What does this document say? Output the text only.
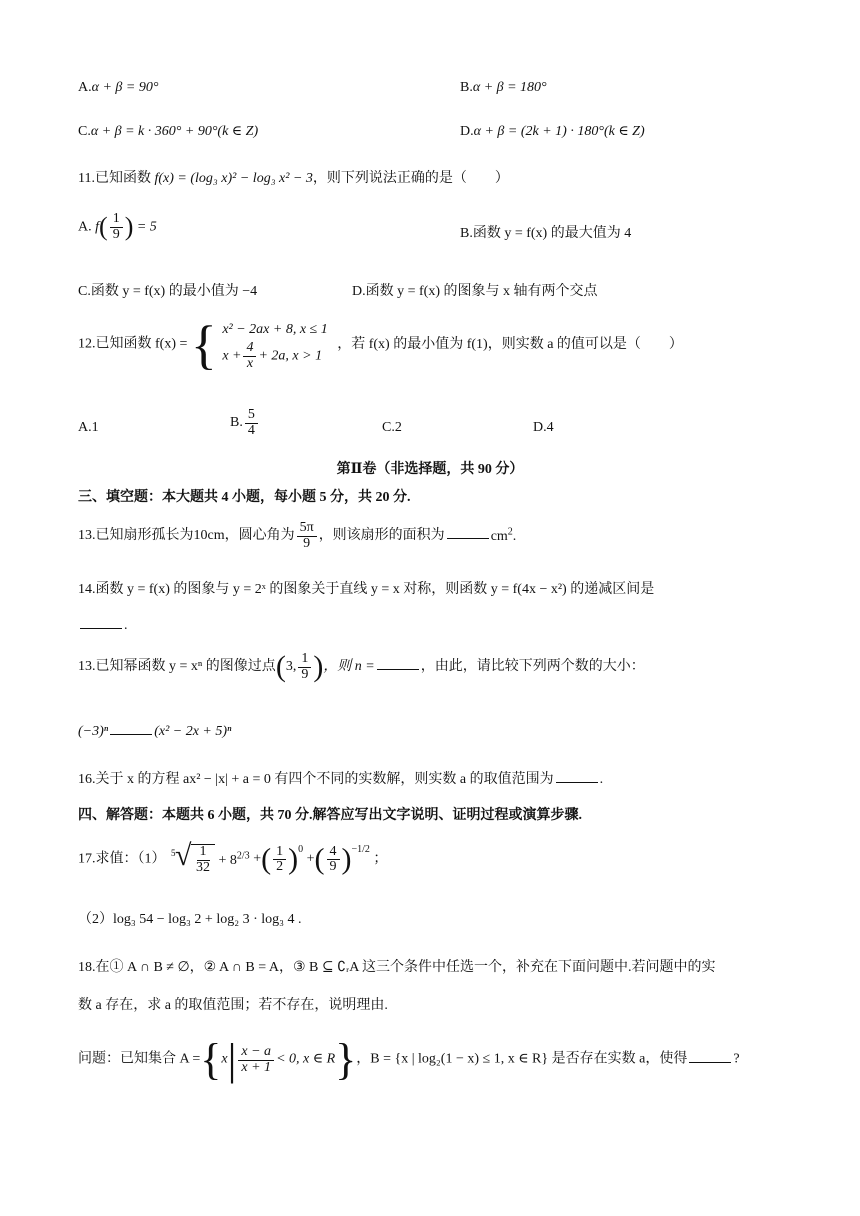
A.α + β = 90°	B.α + β = 180°
C.α + β = k · 360° + 90°(k ∈ Z)	D.α + β = (2k + 1) · 180°(k ∈ Z)
11.已知函数 f(x) = (log₃ x)² − log₃ x² − 3，则下列说法正确的是（　　）
A. $f( \frac{1}{9}$ ) = 5	B.函数 y = f(x) 的最大值为 4
C.函数 y = f(x) 的最小值为 −4	D.函数 y = f(x) 的图象与 x 轴有两个交点
12.已知函数 f(x) = { x² − 2ax + 8, x ≤ 1
$x + \frac{4}{x} + 2a$, x > 1
，若 f(x) 的最小值为 f(1)，则实数 a 的值可以是（　　）
A.1	B. $\frac{5}{4}$	C.2	D.4
第Ⅱ卷（非选择题，共 90 分）
三、填空题：本大题共 4 小题，每小题 5 分，共 20 分.
13.已知扇形孤长为10cm，圆心角为 $\frac{5\pi}{9}$ ，则该扇形的面积为	$cm^2$.
14.函数 y = f(x) 的图象与 y = 2ˣ 的图象关于直线 y = x 对称，则函数 y = f(4x − x²) 的递减区间是
.
13.已知幂函数 y = xⁿ 的图像过点(3, $\frac{1}{9}$ )，则 n =	，由此，请比较下列两个数的大小：
(−3)ⁿ	(x² − 2x + 5)ⁿ
16.关于 x 的方程 ax² − |x| + a = 0 有四个不同的实数解，则实数 a 的取值范围为	.
四、解答题：本题共 6 小题，共 70 分.解答应写出文字说明、证明过程或演算步骤.
17.求值：（1） 5 √ $\frac{1}{32} + 8^{2/3}$ +( $\frac{1}{2} )^0$ +( $\frac{4}{9} )^{-1/2}$ ；
（2）log₃ 54 − log₃ 2 + log₂ 3 · log₃ 4 .
18.在① A ∩ B ≠ ∅，② A ∩ B = A，③ B ⊆ ∁ᵣA 这三个条件中任选一个，补充在下面问题中.若问题中的实
数 a 存在，求 a 的取值范围；若不存在，说明理由.
问题：已知集合 $A =\{x| \frac{x - a}{x + 1} < 0$, x ∈ R}，B = {x | log₂(1 − x) ≤ 1, x ∈ R} 是否存在实数 a，使得	?
